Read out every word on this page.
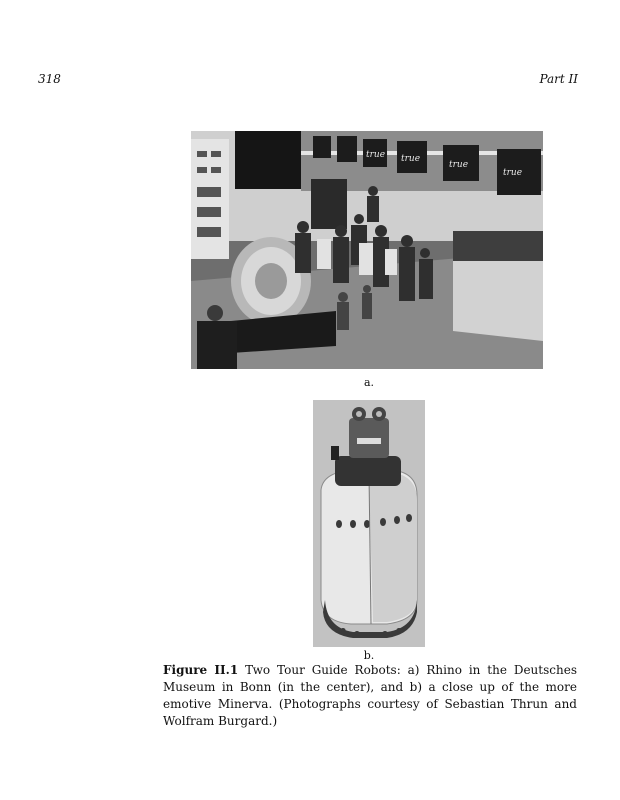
318	Part II
true true
true
true
a.
b.
Figure II.1 Two Tour Guide Robots: a) Rhino in the Deutsches Museum in Bonn (in the center), and b) a close up of the more emotive Minerva. (Photographs courtesy of Sebastian Thrun and Wolfram Burgard.)
